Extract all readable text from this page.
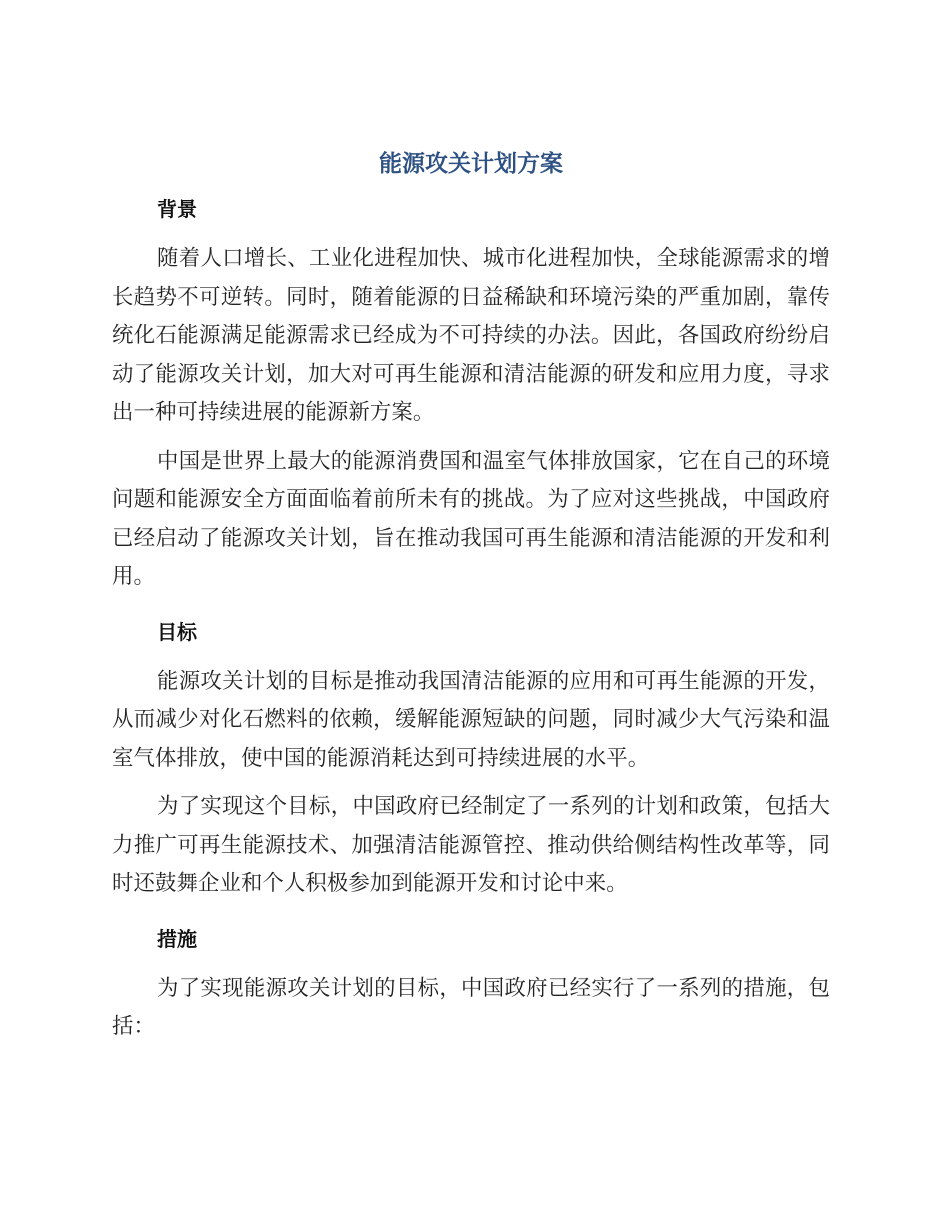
能源攻关计划方案
背景

随着人口增长、工业化进程加快、城市化进程加快，全球能源需求的增长趋势不可逆转。同时，随着能源的日益稀缺和环境污染的严重加剧，靠传统化石能源满足能源需求已经成为不可持续的办法。因此，各国政府纷纷启动了能源攻关计划，加大对可再生能源和清洁能源的研发和应用力度，寻求出一种可持续进展的能源新方案。

中国是世界上最大的能源消费国和温室气体排放国家，它在自己的环境问题和能源安全方面面临着前所未有的挑战。为了应对这些挑战，中国政府已经启动了能源攻关计划，旨在推动我国可再生能源和清洁能源的开发和利用。

目标

能源攻关计划的目标是推动我国清洁能源的应用和可再生能源的开发，从而减少对化石燃料的依赖，缓解能源短缺的问题，同时减少大气污染和温室气体排放，使中国的能源消耗达到可持续进展的水平。

为了实现这个目标，中国政府已经制定了一系列的计划和政策，包括大力推广可再生能源技术、加强清洁能源管控、推动供给侧结构性改革等，同时还鼓舞企业和个人积极参加到能源开发和讨论中来。

措施

为了实现能源攻关计划的目标，中国政府已经实行了一系列的措施，包括：
